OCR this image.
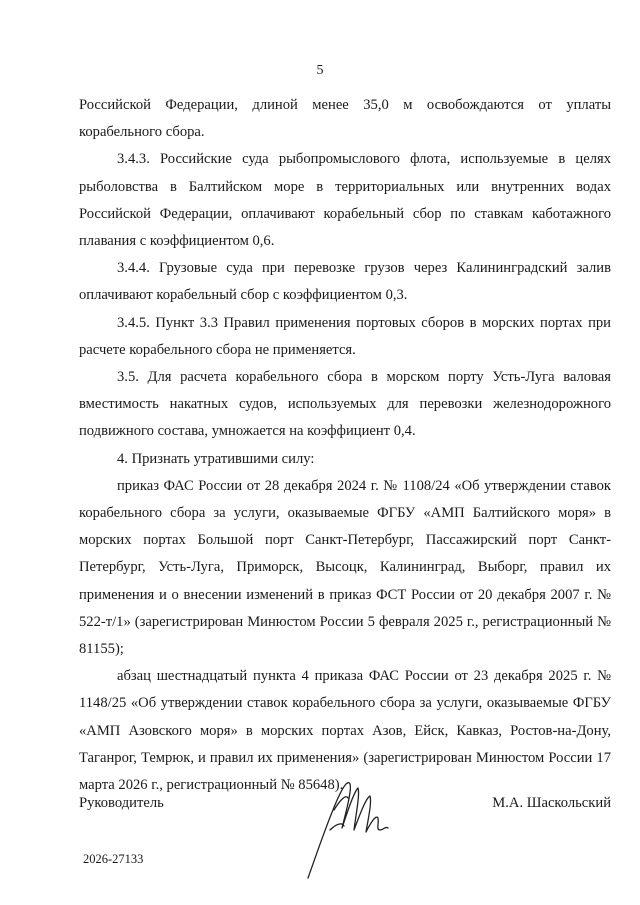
5

Российской Федерации, длиной менее 35,0 м освобождаются от уплаты корабельного сбора.

3.4.3. Российские суда рыбопромыслового флота, используемые в целях рыболовства в Балтийском море в территориальных или внутренних водах Российской Федерации, оплачивают корабельный сбор по ставкам каботажного плавания с коэффициентом 0,6.

3.4.4. Грузовые суда при перевозке грузов через Калининградский залив оплачивают корабельный сбор с коэффициентом 0,3.

3.4.5. Пункт 3.3 Правил применения портовых сборов в морских портах при расчете корабельного сбора не применяется.

3.5. Для расчета корабельного сбора в морском порту Усть-Луга валовая вместимость накатных судов, используемых для перевозки железнодорожного подвижного состава, умножается на коэффициент 0,4.

4. Признать утратившими силу:

приказ ФАС России от 28 декабря 2024 г. № 1108/24 «Об утверждении ставок корабельного сбора за услуги, оказываемые ФГБУ «АМП Балтийского моря» в морских портах Большой порт Санкт-Петербург, Пассажирский порт Санкт-Петербург, Усть-Луга, Приморск, Высоцк, Калининград, Выборг, правил их применения и о внесении изменений в приказ ФСТ России от 20 декабря 2007 г. № 522-т/1» (зарегистрирован Минюстом России 5 февраля 2025 г., регистрационный № 81155);

абзац шестнадцатый пункта 4 приказа ФАС России от 23 декабря 2025 г. № 1148/25 «Об утверждении ставок корабельного сбора за услуги, оказываемые ФГБУ «АМП Азовского моря» в морских портах Азов, Ейск, Кавказ, Ростов-на-Дону, Таганрог, Темрюк, и правил их применения» (зарегистрирован Минюстом России 17 марта 2026 г., регистрационный № 85648).

Руководитель	М.А. Шаскольский
2026-27133
